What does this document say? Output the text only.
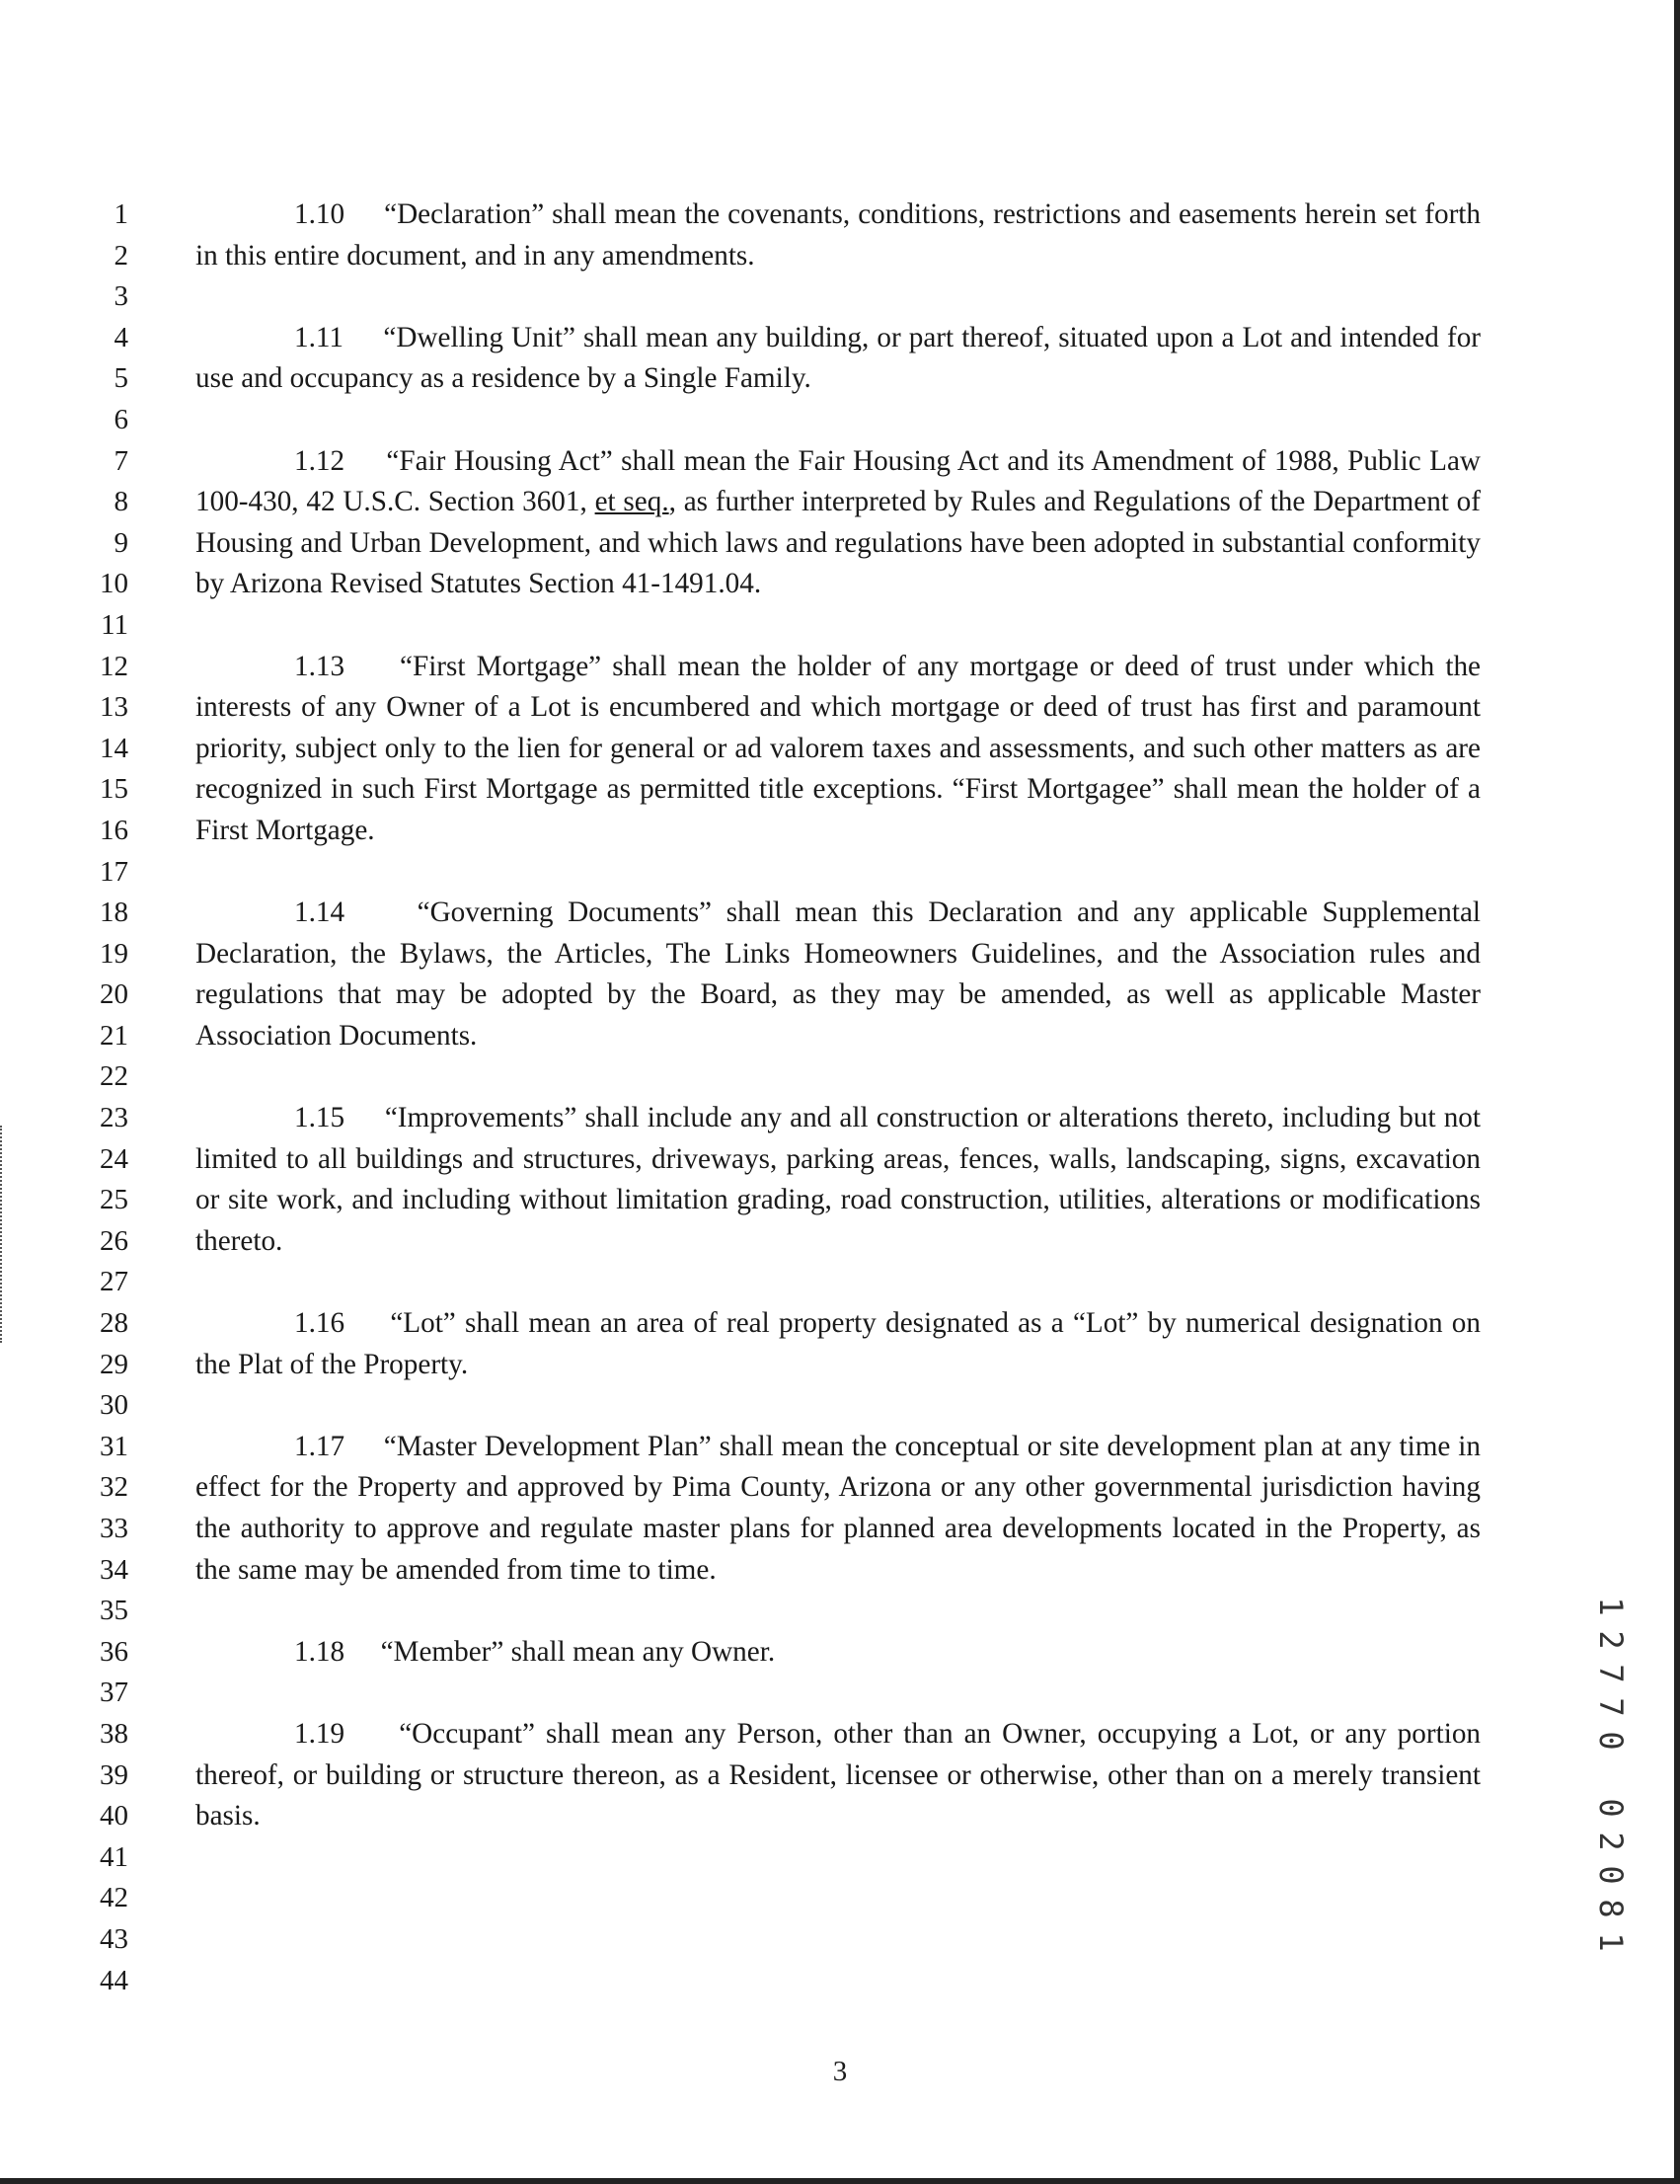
1
2
3
4
5
6
7
8
9
10
11
12
13
14
15
16
17
18
19
20
21
22
23
24
25
26
27
28
29
30
31
32
33
34
35
36
37
38
39
40
41
42
43
44

1.10 “Declaration” shall mean the covenants, conditions, restrictions and easements herein set forth in this entire document, and in any amendments.

1.11 “Dwelling Unit” shall mean any building, or part thereof, situated upon a Lot and intended for use and occupancy as a residence by a Single Family.

1.12 “Fair Housing Act” shall mean the Fair Housing Act and its Amendment of 1988, Public Law 100-430, 42 U.S.C. Section 3601, et seq., as further interpreted by Rules and Regulations of the Department of Housing and Urban Development, and which laws and regulations have been adopted in substantial conformity by Arizona Revised Statutes Section 41-1491.04.

1.13 “First Mortgage” shall mean the holder of any mortgage or deed of trust under which the interests of any Owner of a Lot is encumbered and which mortgage or deed of trust has first and paramount priority, subject only to the lien for general or ad valorem taxes and assessments, and such other matters as are recognized in such First Mortgage as permitted title exceptions. “First Mortgagee” shall mean the holder of a First Mortgage.

1.14	“Governing Documents” shall mean this Declaration and any applicable Supplemental Declaration, the Bylaws, the Articles, The Links Homeowners Guidelines, and the Association rules and regulations that may be adopted by the Board, as they may be amended, as well as applicable Master Association Documents.

1.15 “Improvements” shall include any and all construction or alterations thereto, including but not limited to all buildings and structures, driveways, parking areas, fences, walls, landscaping, signs, excavation or site work, and including without limitation grading, road construction, utilities, alterations or modifications thereto.

1.16 “Lot” shall mean an area of real property designated as a “Lot” by numerical designation on the Plat of the Property.

1.17 “Master Development Plan” shall mean the conceptual or site development plan at any time in effect for the Property and approved by Pima County, Arizona or any other governmental jurisdiction having the authority to approve and regulate master plans for planned area developments located in the Property, as the same may be amended from time to time.

1.18 “Member” shall mean any Owner.

1.19 “Occupant” shall mean any Person, other than an Owner, occupying a Lot, or any portion thereof, or building or structure thereon, as a Resident, licensee or otherwise, other than on a merely transient basis.

3
1
2
7
7
0

0
2
0
8
1
